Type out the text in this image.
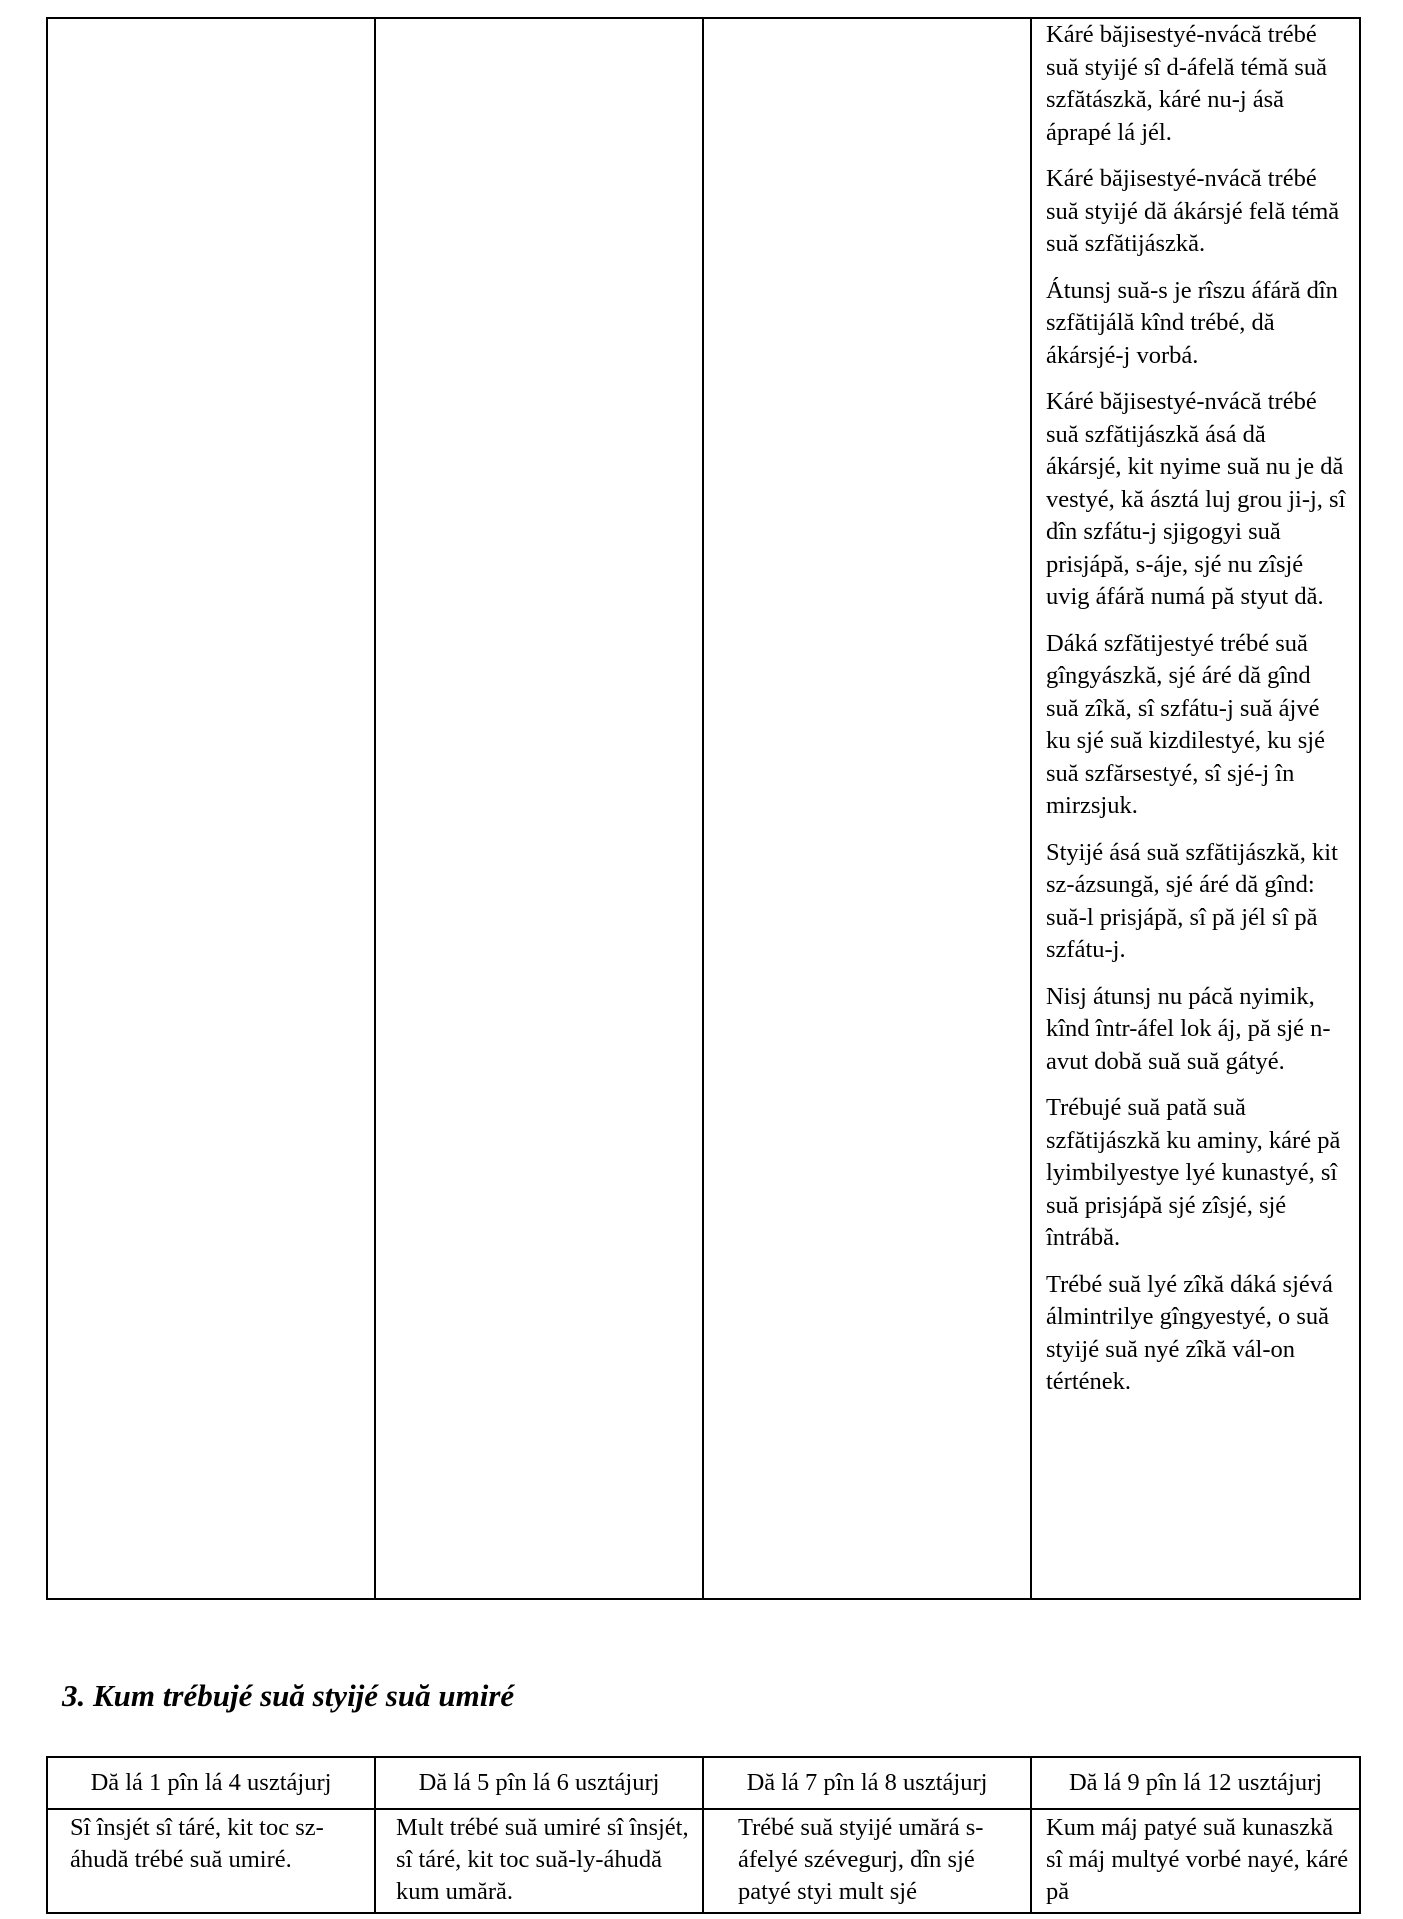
Káré băjisestyé-nvácă trébé suă styijé sî d-áfelă témă suă szfătászkă, káré nu-j ásă áprapé lá jél.

Káré băjisestyé-nvácă trébé suă styijé dă ákársjé felă témă suă szfătijászkă.

Átunsj suă-s je rîszu áfáră dîn szfătijálă kînd trébé, dă ákársjé-j vorbá.

Káré băjisestyé-nvácă trébé suă szfătijászkă ásá dă ákársjé, kit nyime suă nu je dă vestyé, kă ásztá luj grou ji-j, sî dîn szfátu-j sjigogyi suă prisjápă, s-áje, sjé nu zîsjé uvig áfáră numá pă styut dă.

Dáká szfătijestyé trébé suă gîngyászkă, sjé áré dă gînd suă zîkă, sî szfátu-j suă ájvé ku sjé suă kizdilestyé, ku sjé suă szfărsestyé, sî sjé-j în mirzsjuk.

Styijé ásá suă szfătijászkă, kit sz-ázsungă, sjé áré dă gînd: suă-l prisjápă, sî pă jél sî pă szfátu-j.

Nisj átunsj nu pácă nyimik, kînd într-áfel lok áj, pă sjé n-avut dobă suă suă gátyé.

Trébujé suă pată suă szfătijászkă ku aminy, káré pă lyimbilyestye lyé kunastyé, sî suă prisjápă sjé zîsjé, sjé întrábă.

Trébé suă lyé zîkă dáká sjévá álmintrilye gîngyestyé, o suă styijé suă nyé zîkă vál-on tértének.

3. Kum trébujé suă styijé suă umiré
Dă lá 1 pîn lá 4 usztájurj	Dă lá 5 pîn lá 6 usztájurj	Dă lá 7 pîn lá 8 usztájurj	Dă lá 9 pîn lá 12 usztájurj

Sî însjét sî táré, kit toc sz-áhudă trébé suă umiré.	Mult trébé suă umiré sî însjét, sî táré, kit toc suă-ly-áhudă kum umără.	Trébé suă styijé umărá s-áfelyé szévegurj, dîn sjé patyé styi mult sjé	Kum máj patyé suă kunaszkă sî máj multyé vorbé nayé, káré pă
